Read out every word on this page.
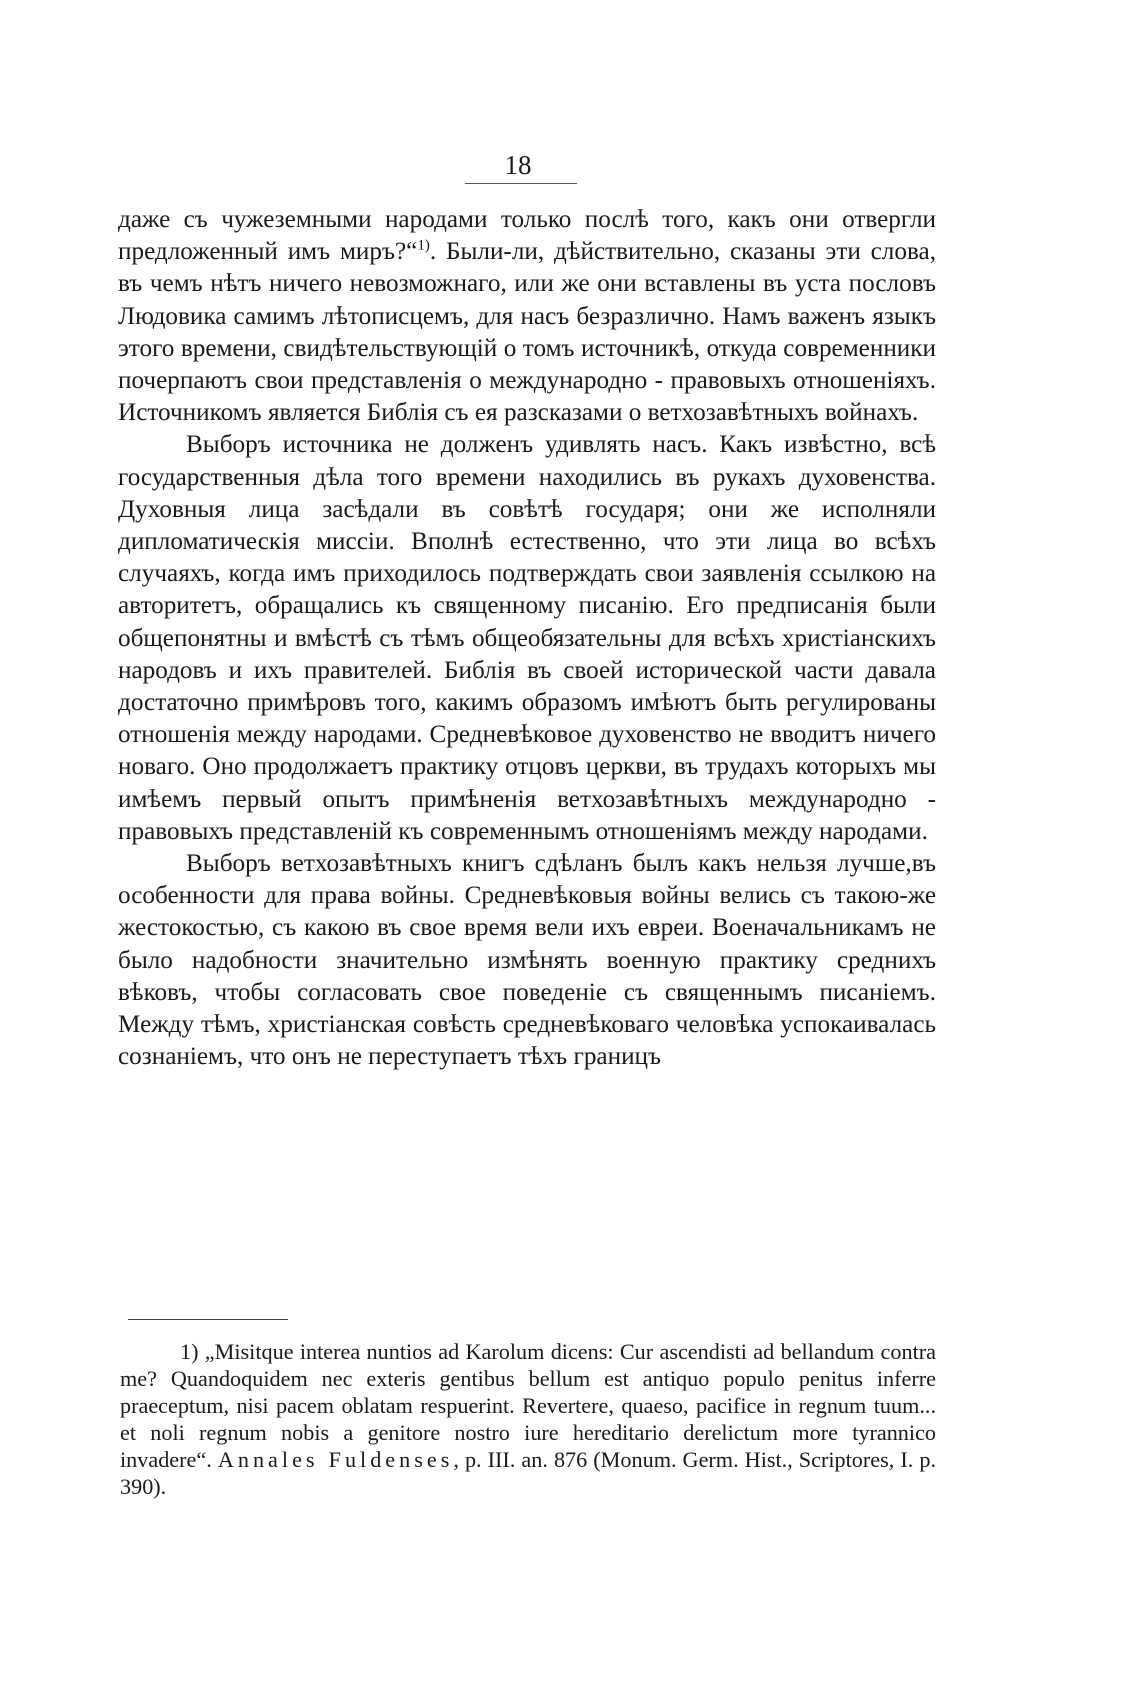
18

даже съ чужеземными народами только послѣ того, какъ они отвергли предложенный имъ миръ?“$^{1)}$. Были-ли, дѣйствительно, сказаны эти слова, въ чемъ нѣтъ ничего невозможнаго, или же они вставлены въ уста пословъ Людовика самимъ лѣтописцемъ, для насъ безразлично. Намъ важенъ языкъ этого времени, свидѣтельствующій о томъ источникѣ, откуда современники почерпаютъ свои представленія о международно - правовыхъ отношеніяхъ. Источникомъ является Библія съ ея разсказами о ветхозавѣтныхъ войнахъ.

Выборъ источника не долженъ удивлять насъ. Какъ извѣстно, всѣ государственныя дѣла того времени находились въ рукахъ духовенства. Духовныя лица засѣдали въ совѣтѣ государя; они же исполняли дипломатическія миссіи. Вполнѣ естественно, что эти лица во всѣхъ случаяхъ, когда имъ приходилось подтверждать свои заявленія ссылкою на авторитетъ, обращались къ священному писанію. Его предписанія были общепонятны и вмѣстѣ съ тѣмъ общеобязательны для всѣхъ христіанскихъ народовъ и ихъ правителей. Библія въ своей исторической части давала достаточно примѣровъ того, какимъ образомъ имѣютъ быть регулированы отношенія между народами. Средневѣковое духовенство не вводитъ ничего новаго. Оно продолжаетъ практику отцовъ церкви, въ трудахъ которыхъ мы имѣемъ первый опытъ примѣненія ветхозавѣтныхъ международно - правовыхъ представленій къ современнымъ отношеніямъ между народами.

Выборъ ветхозавѣтныхъ книгъ сдѣланъ былъ какъ нельзя лучше,въ особенности для права войны. Средневѣковыя войны велись съ такою-же жестокостью, съ какою въ свое время вели ихъ евреи. Военачальникамъ не было надобности значительно измѣнять военную практику среднихъ вѣковъ, чтобы согласовать свое поведеніе съ священнымъ писаніемъ. Между тѣмъ, христіанская совѣсть средневѣковаго человѣка успокаивалась сознаніемъ, что онъ не переступаетъ тѣхъ границъ

1) „Misitque interea nuntios ad Karolum dicens: Cur ascendisti ad bellandum contra me? Quandoquidem nec exteris gentibus bellum est antiquo populo penitus inferre praeceptum, nisi pacem oblatam respuerint. Revertere, quaeso, pacifice in regnum tuum... et noli regnum nobis a genitore nostro iure hereditario derelictum more tyrannico invadere“. Annales Fuldenses, p. III. an. 876 (Monum. Germ. Hist., Scriptores, I. p. 390).
